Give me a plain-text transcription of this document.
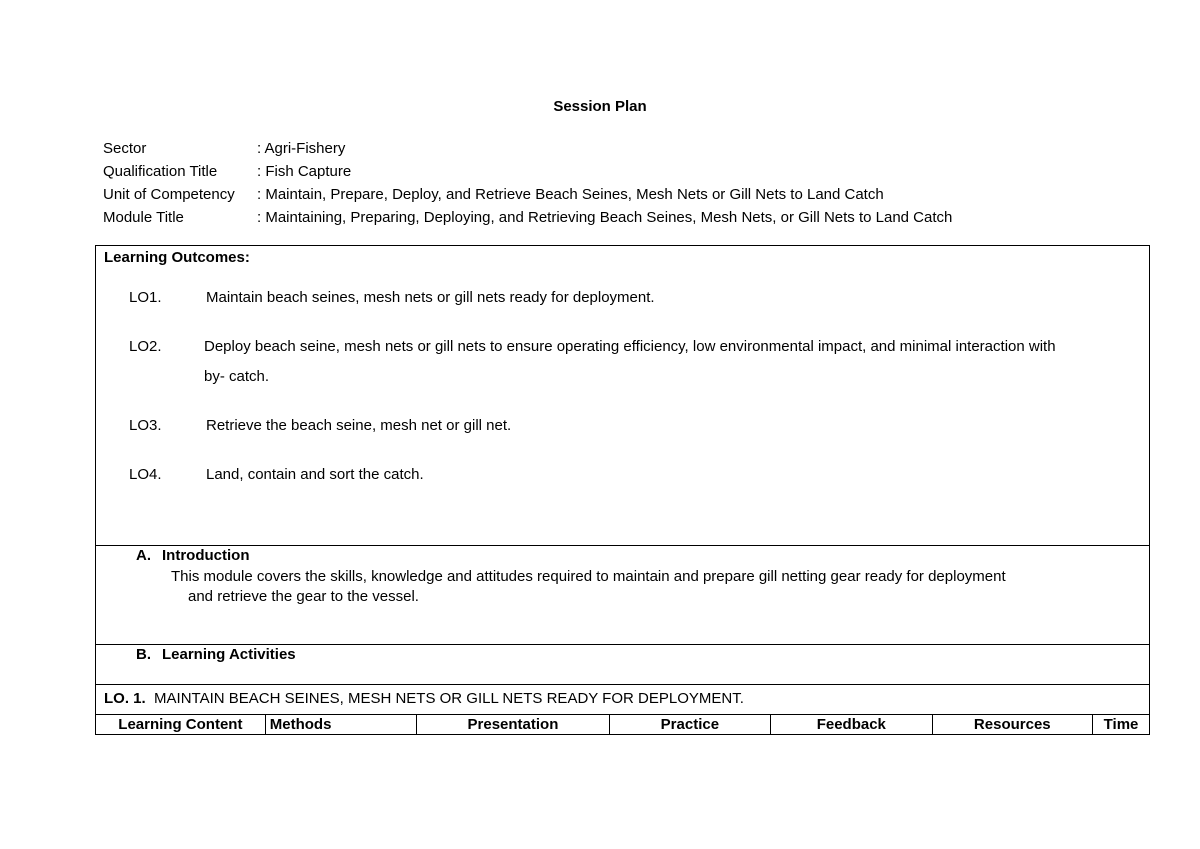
Session Plan
Sector	: Agri-Fishery
Qualification Title	: Fish Capture
Unit of Competency	: Maintain, Prepare, Deploy, and Retrieve Beach Seines, Mesh Nets or Gill Nets to Land Catch
Module Title	: Maintaining, Preparing, Deploying, and Retrieving Beach Seines, Mesh Nets, or Gill Nets to Land Catch
Learning Outcomes:
LO1.	Maintain beach seines, mesh nets or gill nets ready for deployment.
LO2.	Deploy beach seine, mesh nets or gill nets to ensure operating efficiency, low environmental impact, and minimal interaction with by- catch.
LO3.	Retrieve the beach seine, mesh net or gill net.
LO4.	Land, contain and sort the catch.
A. Introduction
This module covers the skills, knowledge and attitudes required to maintain and prepare gill netting gear ready for deployment
and retrieve the gear to the vessel.
B. Learning Activities
LO. 1. MAINTAIN BEACH SEINES, MESH NETS OR GILL NETS READY FOR DEPLOYMENT.
Learning Content	Methods	Presentation	Practice	Feedback	Resources	Time
